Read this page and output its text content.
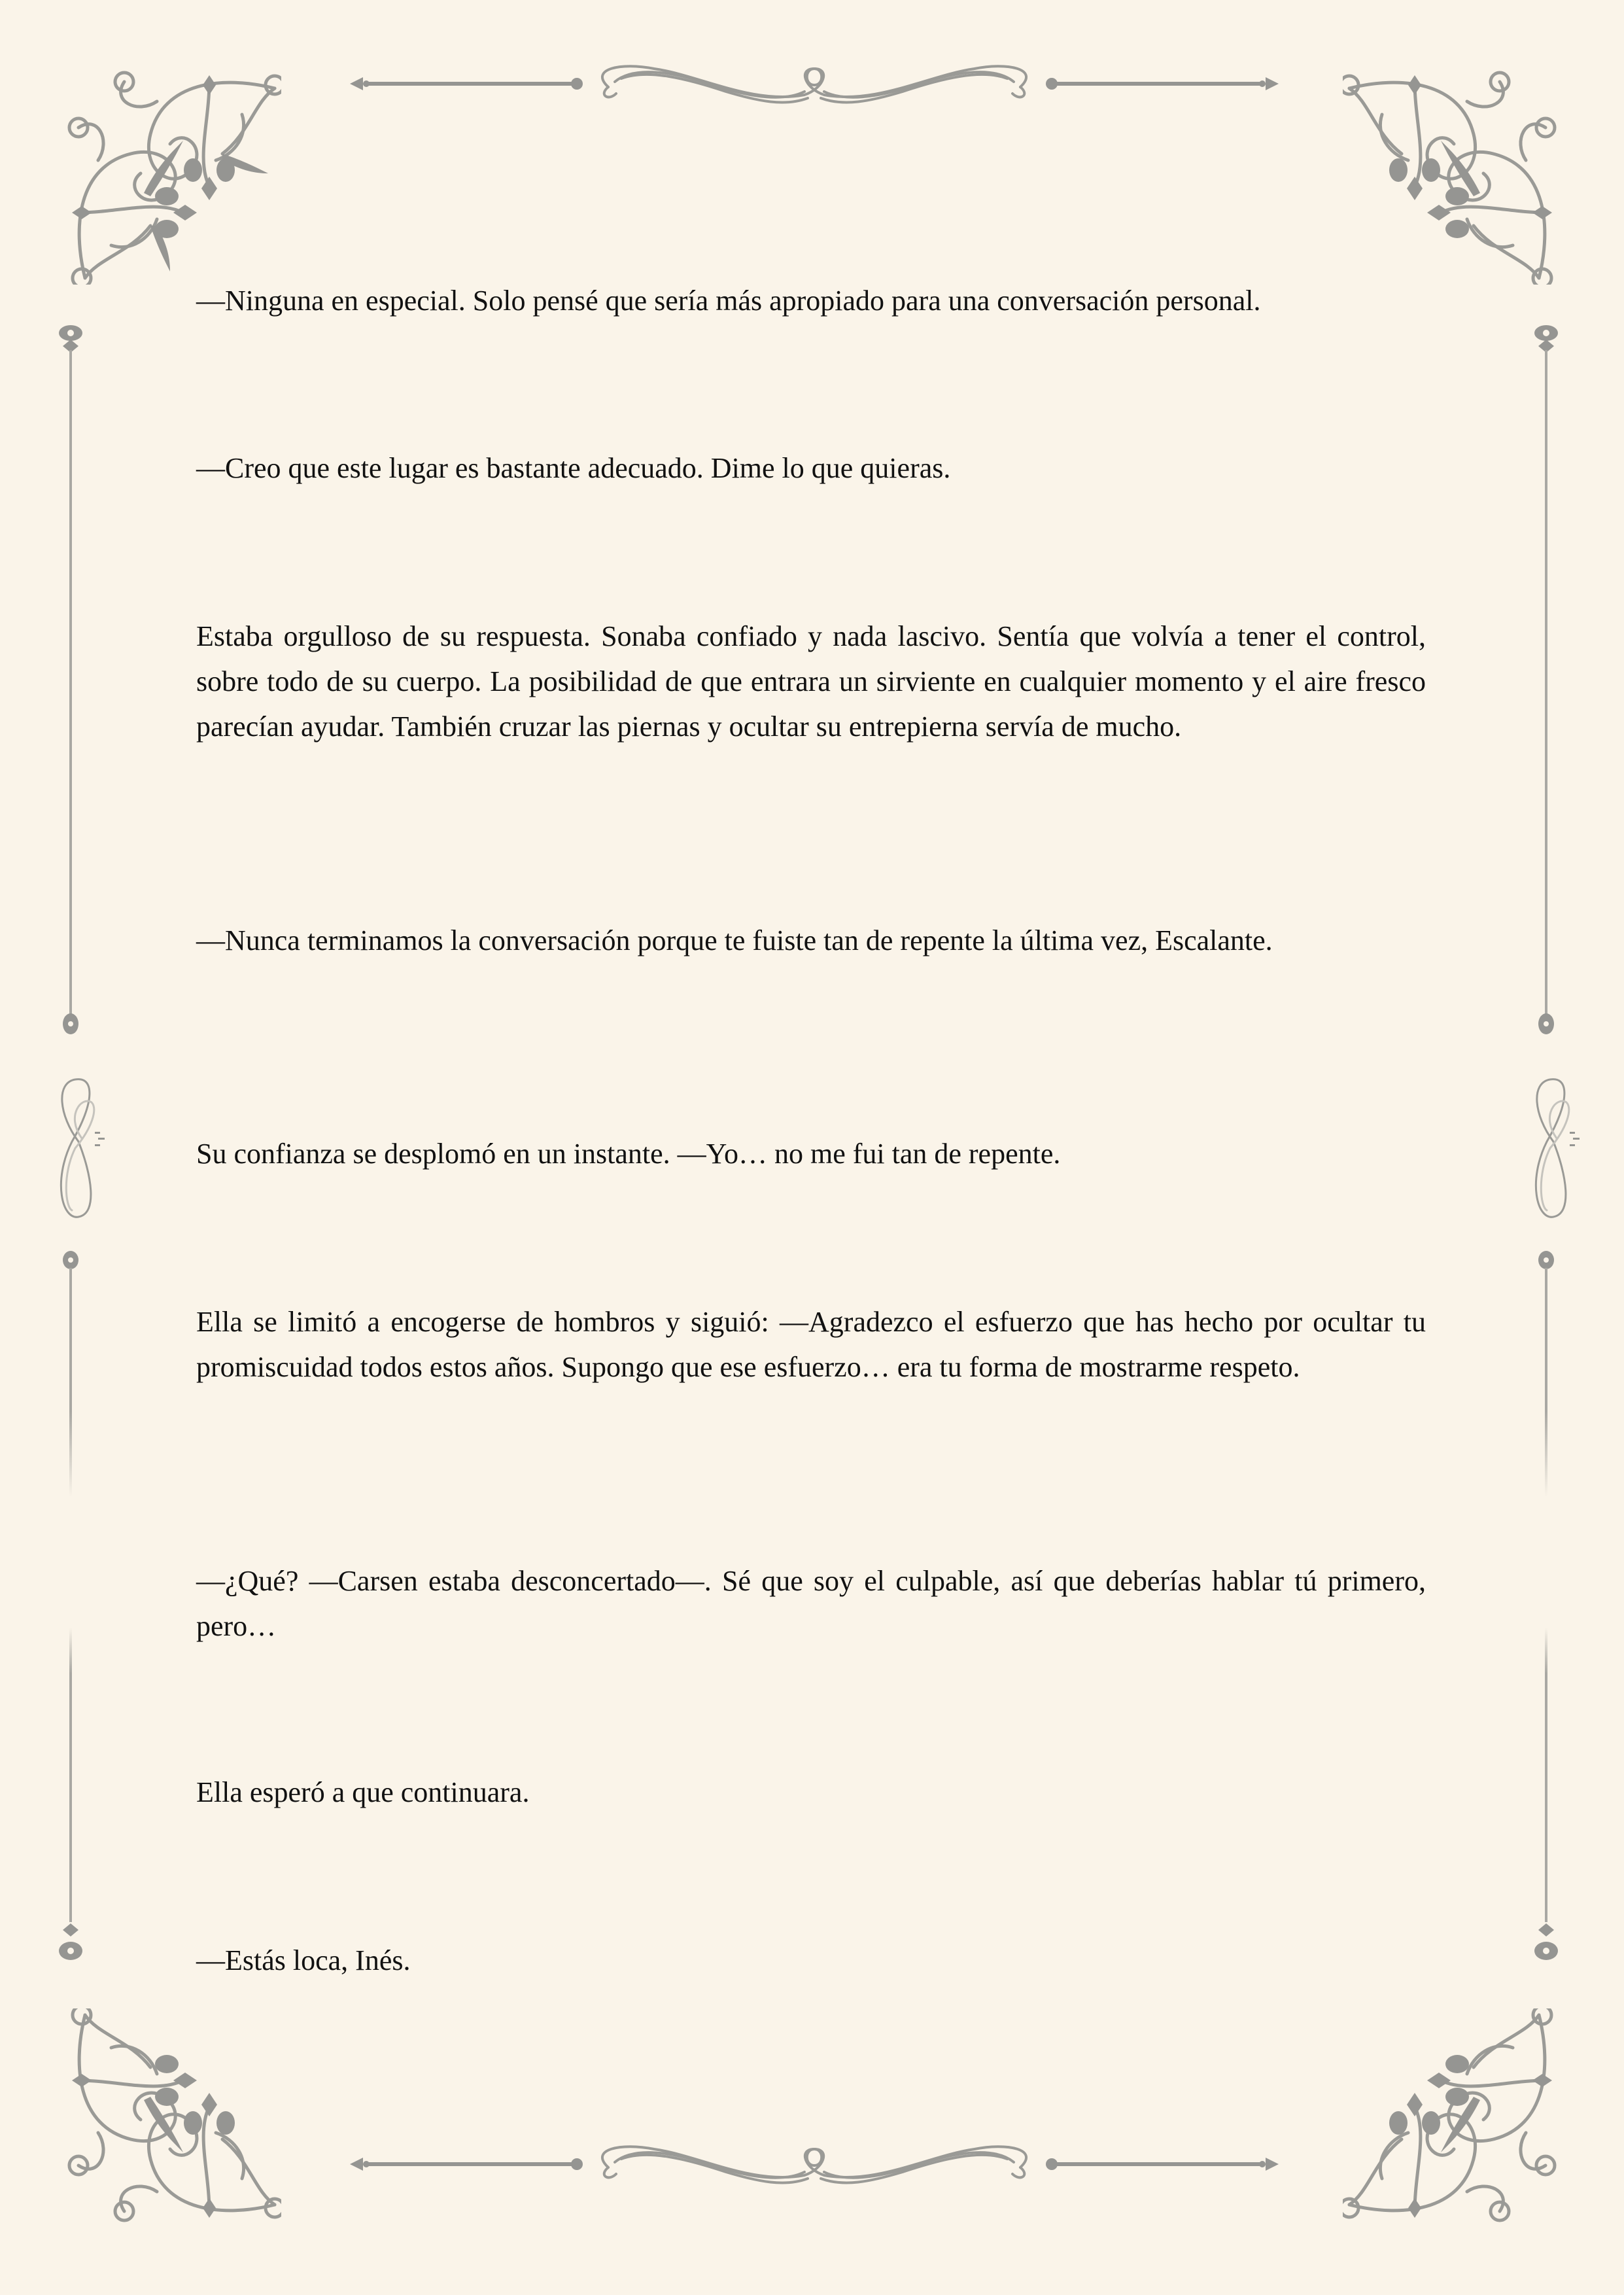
—Ninguna en especial. Solo pensé que sería más apropiado para una conversación personal.

—Creo que este lugar es bastante adecuado. Dime lo que quieras.

Estaba orgulloso de su respuesta. Sonaba confiado y nada lascivo. Sentía que volvía a tener el control, sobre todo de su cuerpo. La posibilidad de que entrara un sirviente en cualquier momento y el aire fresco parecían ayudar. También cruzar las piernas y ocultar su entrepierna servía de mucho.

—Nunca terminamos la conversación porque te fuiste tan de repente la última vez, Escalante.

Su confianza se desplomó en un instante. —Yo… no me fui tan de repente.

Ella se limitó a encogerse de hombros y siguió: —Agradezco el esfuerzo que has hecho por ocultar tu promiscuidad todos estos años. Supongo que ese esfuerzo… era tu forma de mostrarme respeto.

—¿Qué? —Carsen estaba desconcertado—. Sé que soy el culpable, así que deberías hablar tú primero, pero…

Ella esperó a que continuara.

—Estás loca, Inés.
